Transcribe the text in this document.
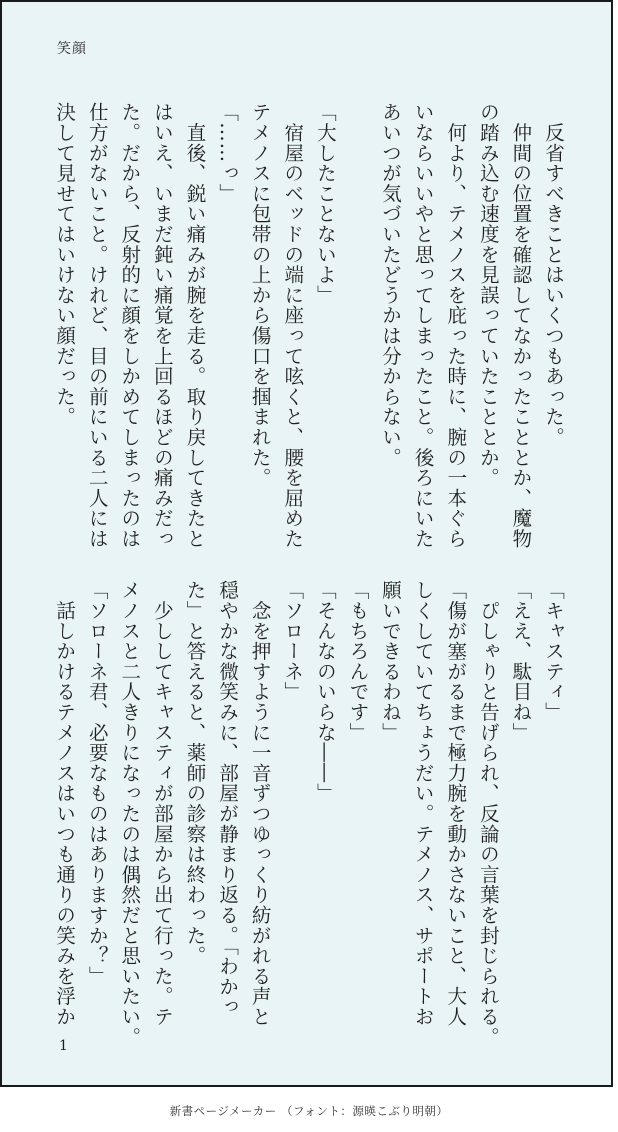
笑顔
　反省すべきことはいくつもあった。
　仲間の位置を確認してなかったこととか、魔物
の踏み込む速度を見誤っていたこととか。
　何より、テメノスを庇った時に、腕の一本ぐら
いならいいやと思ってしまったこと。後ろにいた
あいつが気づいたどうかは分からない。

「大したことないよ」
　宿屋のベッドの端に座って呟くと、腰を屈めた
テメノスに包帯の上から傷口を掴まれた。
「……っ」
　直後、鋭い痛みが腕を走る。取り戻してきたと
はいえ、いまだ鈍い痛覚を上回るほどの痛みだっ
た。だから、反射的に顔をしかめてしまったのは
仕方がないこと。けれど、目の前にいる二人には
決して見せてはいけない顔だった。
「キャスティ」
「ええ、駄目ね」
　ぴしゃりと告げられ、反論の言葉を封じられる。
「傷が塞がるまで極力腕を動かさないこと、大人
しくしていてちょうだい。テメノス、サポートお
願いできるわね」
「もちろんです」
「そんなのいらな――」
「ソローネ」
　念を押すように一音ずつゆっくり紡がれる声と
穏やかな微笑みに、部屋が静まり返る。「わかっ
た」と答えると、薬師の診察は終わった。
　少ししてキャスティが部屋から出て行った。テ
メノスと二人きりになったのは偶然だと思いたい。
「ソローネ君、必要なものはありますか？」
　話しかけるテメノスはいつも通りの笑みを浮か
1
新書ページメーカー （フォント：源暎こぶり明朝）
